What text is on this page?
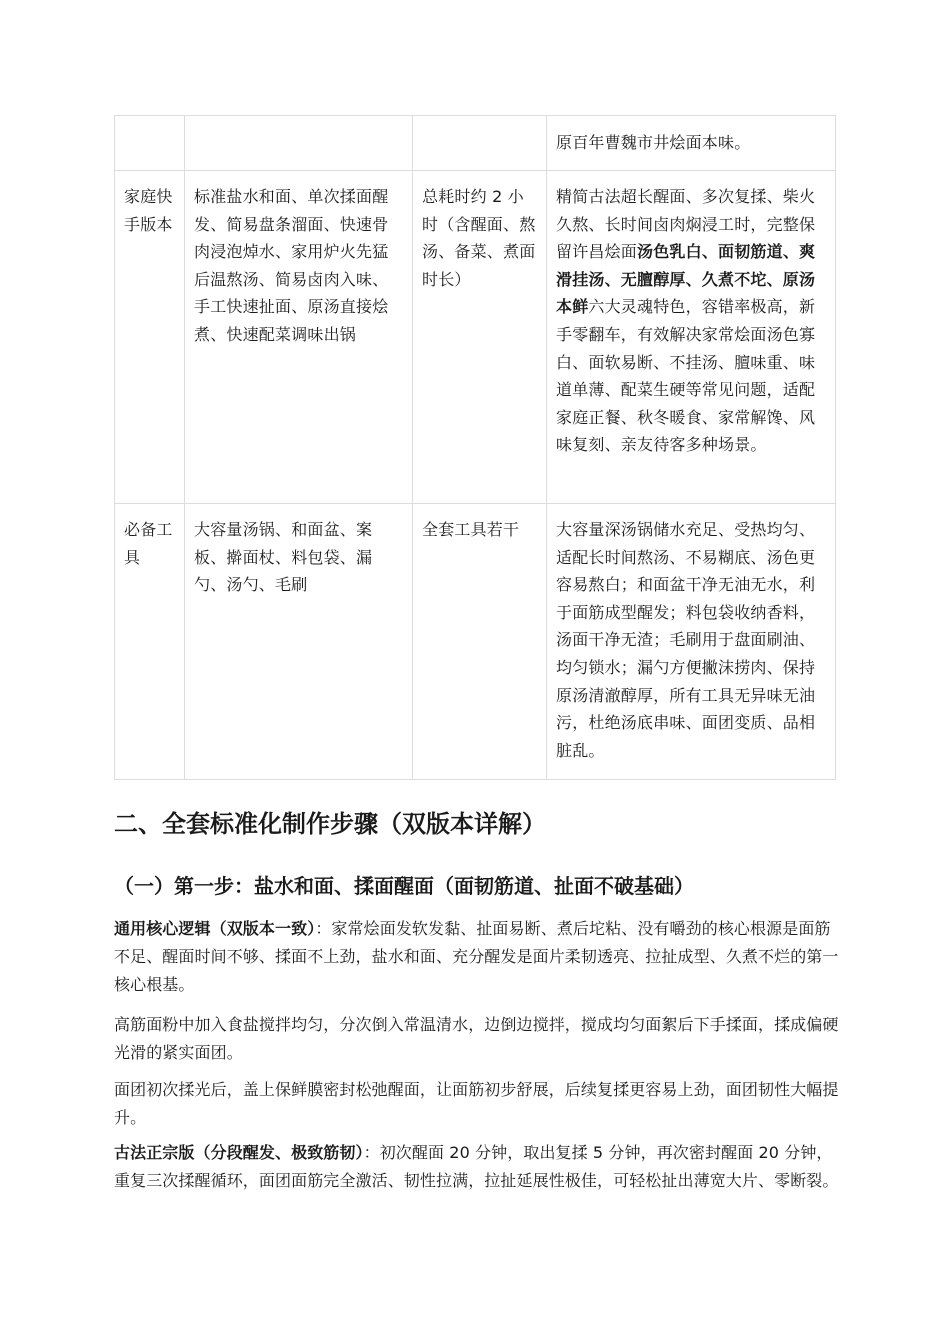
			原百年曹魏市井烩面本味。
家庭快手版本	标准盐水和面、单次揉面醒发、简易盘条溜面、快速骨肉浸泡焯水、家用炉火先猛后温熬汤、简易卤肉入味、手工快速扯面、原汤直接烩煮、快速配菜调味出锅	总耗时约 2 小时（含醒面、熬汤、备菜、煮面时长）	精简古法超长醒面、多次复揉、柴火久熬、长时间卤肉焖浸工时，完整保留许昌烩面汤色乳白、面韧筋道、爽滑挂汤、无膻醇厚、久煮不坨、原汤本鲜六大灵魂特色，容错率极高，新手零翻车，有效解决家常烩面汤色寡白、面软易断、不挂汤、膻味重、味道单薄、配菜生硬等常见问题，适配家庭正餐、秋冬暖食、家常解馋、风味复刻、亲友待客多种场景。
必备工具	大容量汤锅、和面盆、案板、擀面杖、料包袋、漏勺、汤勺、毛刷	全套工具若干	大容量深汤锅储水充足、受热均匀、适配长时间熬汤、不易糊底、汤色更容易熬白；和面盆干净无油无水，利于面筋成型醒发；料包袋收纳香料，汤面干净无渣；毛刷用于盘面刷油、均匀锁水；漏勺方便撇沫捞肉、保持原汤清澈醇厚，所有工具无异味无油污，杜绝汤底串味、面团变质、品相脏乱。
二、全套标准化制作步骤（双版本详解）
（一）第一步：盐水和面、揉面醒面（面韧筋道、扯面不破基础）

通用核心逻辑（双版本一致）：家常烩面发软发黏、扯面易断、煮后坨粘、没有嚼劲的核心根源是面筋不足、醒面时间不够、揉面不上劲，盐水和面、充分醒发是面片柔韧透亮、拉扯成型、久煮不烂的第一核心根基。

高筋面粉中加入食盐搅拌均匀，分次倒入常温清水，边倒边搅拌，搅成均匀面絮后下手揉面，揉成偏硬光滑的紧实面团。

面团初次揉光后，盖上保鲜膜密封松弛醒面，让面筋初步舒展，后续复揉更容易上劲，面团韧性大幅提升。

古法正宗版（分段醒发、极致筋韧）：初次醒面 20 分钟，取出复揉 5 分钟，再次密封醒面 20 分钟，重复三次揉醒循环，面团面筋完全激活、韧性拉满，拉扯延展性极佳，可轻松扯出薄宽大片、零断裂。
